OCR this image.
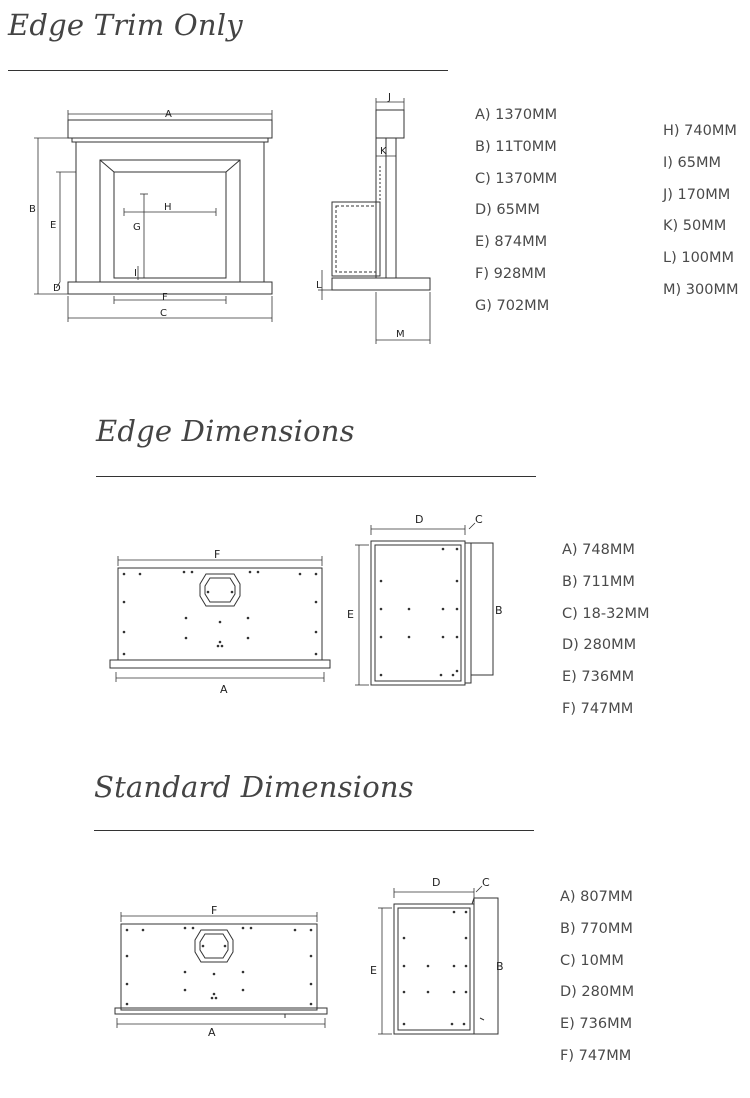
Edge Trim Only
A
B
E
D
G
H
I
F
C
J
K
L
M
A) 1370MM
B) 11T0MM
C) 1370MM
D) 65MM
E) 874MM
F) 928MM
G) 702MM
H) 740MM
I) 65MM
J) 170MM
K) 50MM
L) 100MM
M) 300MM
Edge Dimensions
F
A
D	C
E	B
A) 748MM
B) 711MM
C) 18-32MM
D) 280MM
E) 736MM
F) 747MM
Standard Dimensions
F
A
D	C
E	B
A) 807MM
B) 770MM
C) 10MM
D) 280MM
E) 736MM
F) 747MM
